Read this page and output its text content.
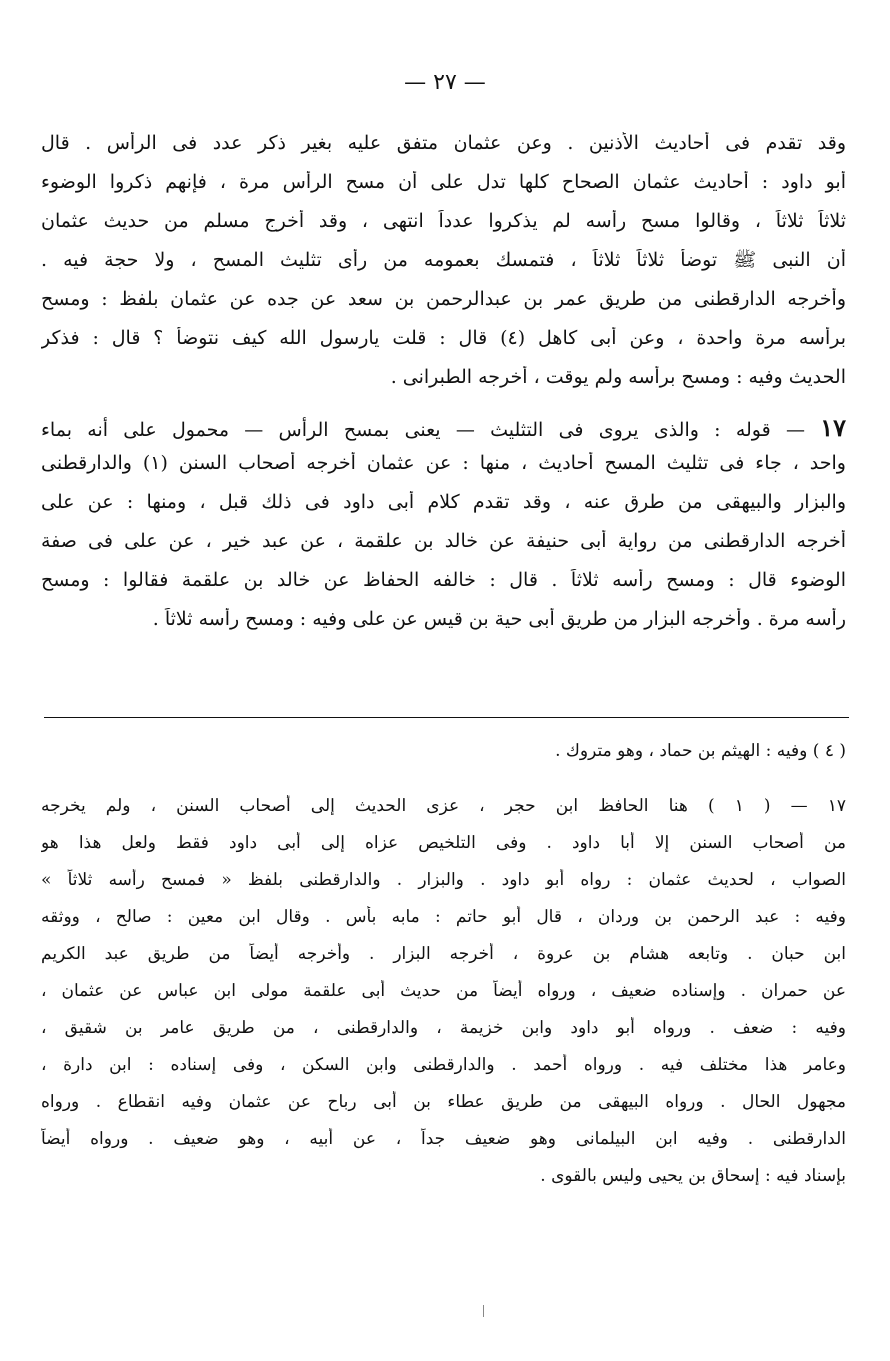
— ٢٧ —
وقد تقدم فى أحاديث الأذنين . وعن عثمان متفق عليه بغير ذكر عدد فى الرأس . قال
أبو داود : أحاديث عثمان الصحاح كلها تدل على أن مسح الرأس مرة ، فإنهم ذكروا الوضوء
ثلاثاً ثلاثاً ، وقالوا مسح رأسه لم يذكروا عدداً انتهى ، وقد أخرج مسلم من حديث عثمان
أن النبى ﷺ توضأ ثلاثاً ثلاثاً ، فتمسك بعمومه من رأى تثليث المسح ، ولا حجة فيه .
وأخرجه الدارقطنى من طريق عمر بن عبدالرحمن بن سعد عن جده عن عثمان بلفظ : ومسح
برأسه مرة واحدة ، وعن أبى كاهل (٤) قال : قلت يارسول الله كيف نتوضأ ؟ قال : فذكر
الحديث وفيه : ومسح برأسه ولم يوقت ، أخرجه الطبرانى .
١٧ — قوله : والذى يروى فى التثليث — يعنى بمسح الرأس — محمول على أنه بماء
واحد ، جاء فى تثليث المسح أحاديث ، منها : عن عثمان أخرجه أصحاب السنن (١) والدارقطنى
والبزار والبيهقى من طرق عنه ، وقد تقدم كلام أبى داود فى ذلك قبل ، ومنها : عن على
أخرجه الدارقطنى من رواية أبى حنيفة عن خالد بن علقمة ، عن عبد خير ، عن على فى صفة
الوضوء قال : ومسح رأسه ثلاثاً . قال : خالفه الحفاظ عن خالد بن علقمة فقالوا : ومسح
رأسه مرة . وأخرجه البزار من طريق أبى حية بن قيس عن على وفيه : ومسح رأسه ثلاثاً .
( ٤ ) وفيه : الهيثم بن حماد ، وهو متروك .
١٧ — ( ١ ) هنا الحافظ ابن حجر ، عزى الحديث إلى أصحاب السنن ، ولم يخرجه
من أصحاب السنن إلا أبا داود . وفى التلخيص عزاه إلى أبى داود فقط ولعل هذا هو
الصواب ، لحديث عثمان : رواه أبو داود . والبزار . والدارقطنى بلفظ « فمسح رأسه ثلاثاً »
وفيه : عبد الرحمن بن وردان ، قال أبو حاتم : مابه بأس . وقال ابن معين : صالح ، ووثقه
ابن حبان . وتابعه هشام بن عروة ، أخرجه البزار . وأخرجه أيضاً من طريق عبد الكريم
عن حمران . وإسناده ضعيف ، ورواه أيضاً من حديث أبى علقمة مولى ابن عباس عن عثمان ،
وفيه : ضعف . ورواه أبو داود وابن خزيمة ، والدارقطنى ، من طريق عامر بن شقيق ،
وعامر هذا مختلف فيه . ورواه أحمد . والدارقطنى وابن السكن ، وفى إسناده : ابن دارة ،
مجهول الحال . ورواه البيهقى من طريق عطاء بن أبى رباح عن عثمان وفيه انقطاع . ورواه
الدارقطنى . وفيه ابن البيلمانى وهو ضعيف جداً ، عن أبيه ، وهو ضعيف . ورواه أيضاً
بإسناد فيه : إسحاق بن يحيى وليس بالقوى .
